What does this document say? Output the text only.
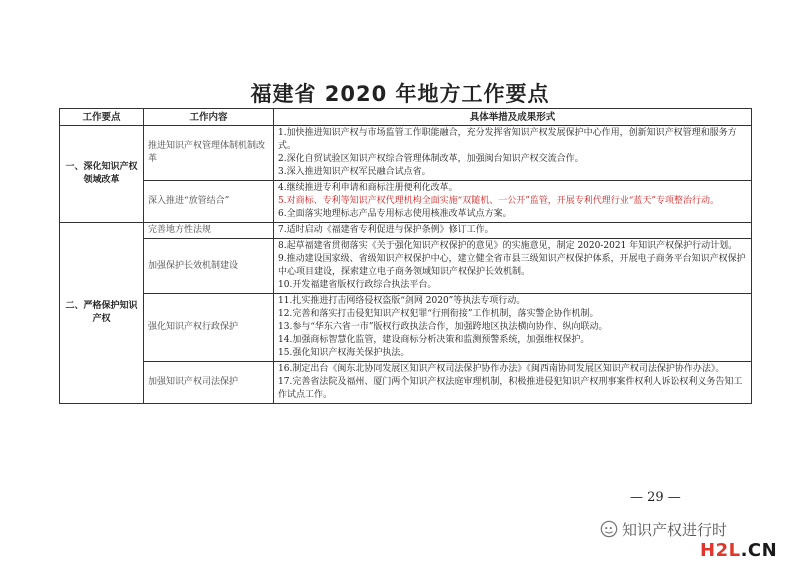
福建省 2020 年地方工作要点
工作要点	工作内容	具体举措及成果形式
一、深化知识产权领域改革	推进知识产权管理体制机制改革	1.加快推进知识产权与市场监管工作职能融合，充分发挥省知识产权发展保护中心作用，创新知识产权管理和服务方式。
2.深化自贸试验区知识产权综合管理体制改革，加强闽台知识产权交流合作。
3.深入推进知识产权军民融合试点省。

	深入推进“放管结合”	4.继续推进专利申请和商标注册便利化改革。
5.对商标、专利等知识产权代理机构全面实施“双随机、一公开”监管，开展专利代理行业“蓝天”专项整治行动。
6.全面落实地理标志产品专用标志使用核准改革试点方案。

二、严格保护知识产权	完善地方性法规	7.适时启动《福建省专利促进与保护条例》修订工作。

	加强保护长效机制建设	8.起草福建省贯彻落实《关于强化知识产权保护的意见》的实施意见，制定 2020-2021 年知识产权保护行动计划。
9.推动建设国家级、省级知识产权保护中心，建立健全省市县三级知识产权保护体系，开展电子商务平台知识产权保护中心项目建设，探索建立电子商务领域知识产权保护长效机制。
10.开发福建省版权行政综合执法平台。

	强化知识产权行政保护	11.扎实推进打击网络侵权盗版“剑网 2020”等执法专项行动。
12.完善和落实打击侵犯知识产权犯罪“行刑衔接”工作机制，落实警企协作机制。
13.参与“华东六省一市”版权行政执法合作，加强跨地区执法横向协作、纵向联动。
14.加强商标智慧化监管，建设商标分析决策和监测预警系统，加强维权保护。
15.强化知识产权海关保护执法。

	加强知识产权司法保护	16.制定出台《闽东北协同发展区知识产权司法保护协作办法》《闽西南协同发展区知识产权司法保护协作办法》。
17.完善省法院及福州、厦门两个知识产权法庭审理机制，积极推进侵犯知识产权刑事案件权利人诉讼权利义务告知工作试点工作。
— 29 —
知识产权进行时
H2L.CN
